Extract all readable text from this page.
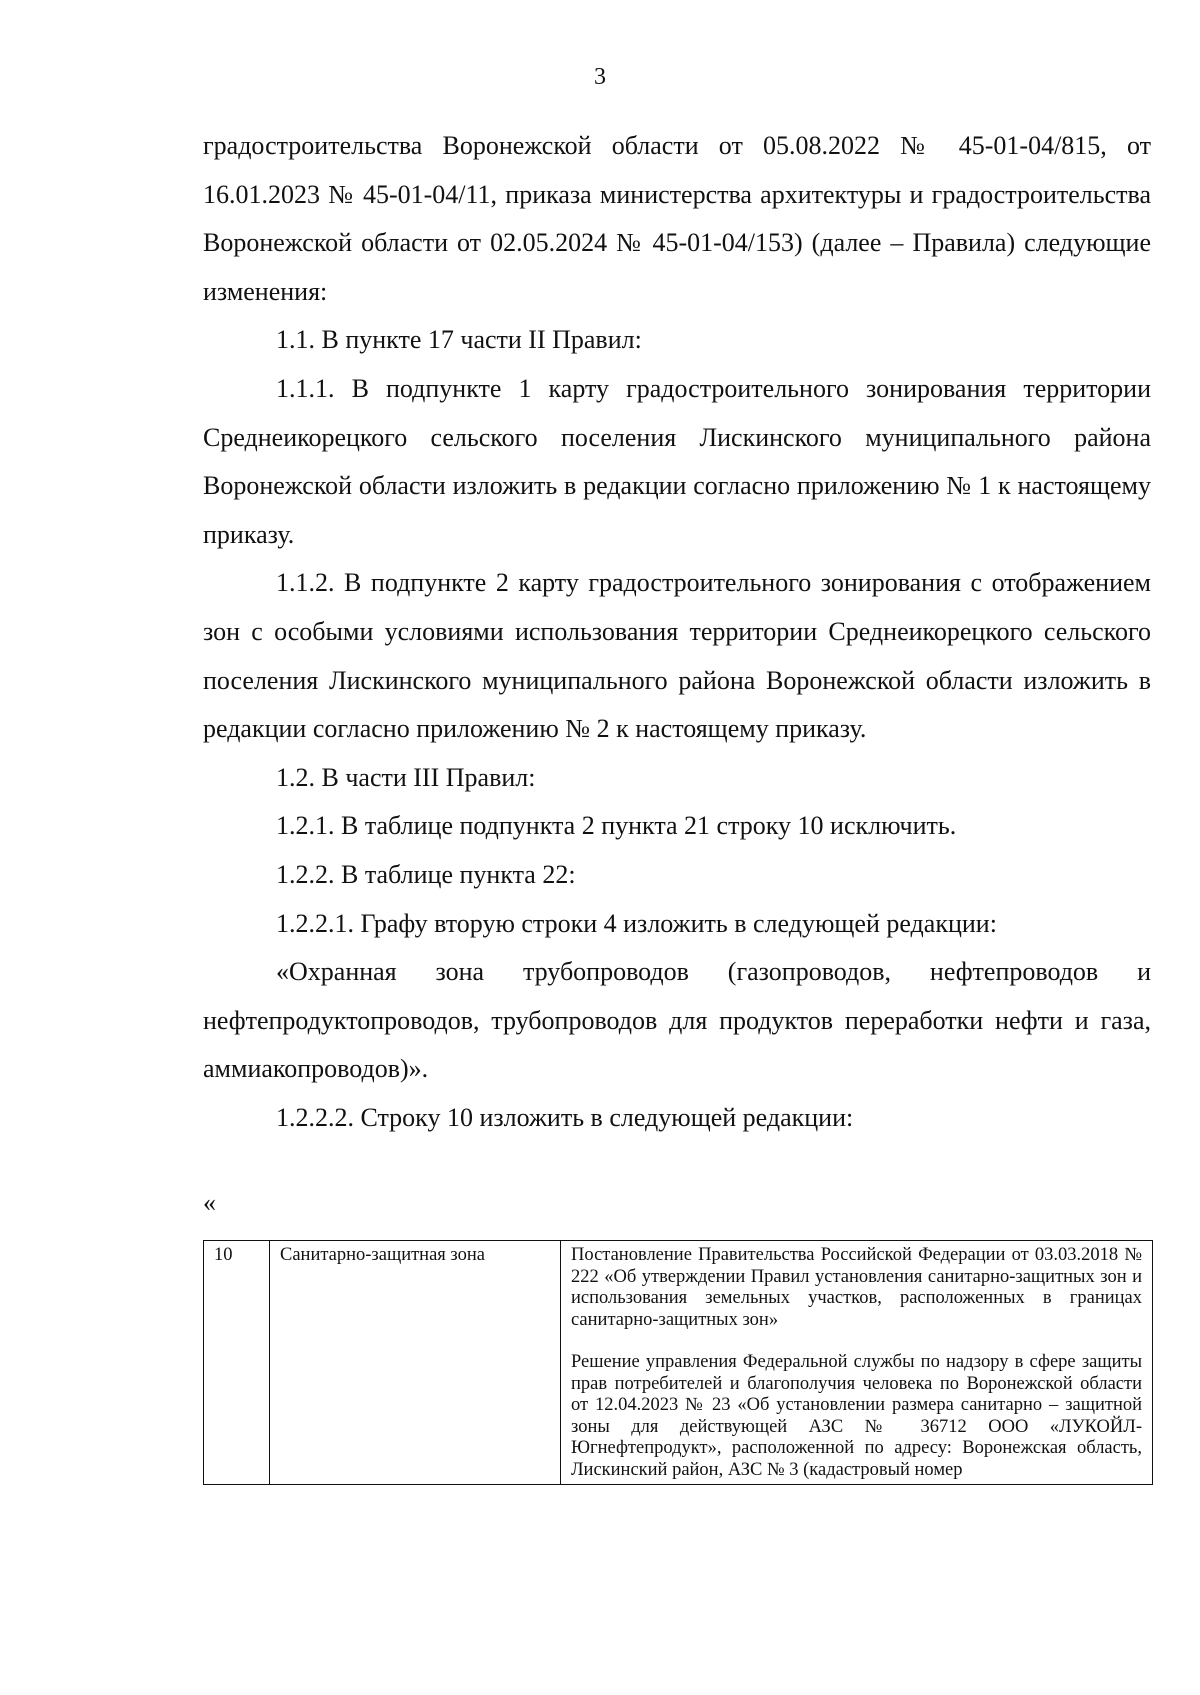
3

градостроительства Воронежской области от 05.08.2022 № 45-01-04/815, от 16.01.2023 № 45-01-04/11, приказа министерства архитектуры и градостроительства Воронежской области от 02.05.2024 № 45-01-04/153) (далее – Правила) следующие изменения:

1.1. В пункте 17 части II Правил:

1.1.1. В подпункте 1 карту градостроительного зонирования территории Среднеикорецкого сельского поселения Лискинского муниципального района Воронежской области изложить в редакции согласно приложению № 1 к настоящему приказу.

1.1.2. В подпункте 2 карту градостроительного зонирования с отображением зон с особыми условиями использования территории Среднеикорецкого сельского поселения Лискинского муниципального района Воронежской области изложить в редакции согласно приложению № 2 к настоящему приказу.

1.2. В части III Правил:

1.2.1. В таблице подпункта 2 пункта 21 строку 10 исключить.

1.2.2. В таблице пункта 22:

1.2.2.1. Графу вторую строки 4 изложить в следующей редакции:

«Охранная зона трубопроводов (газопроводов, нефтепроводов и нефтепродуктопроводов, трубопроводов для продуктов переработки нефти и газа, аммиакопроводов)».

1.2.2.2. Строку 10 изложить в следующей редакции:

«
10	Санитарно-защитная зона	Постановление Правительства Российской Федерации от 03.03.2018 № 222 «Об утверждении Правил установления санитарно-защитных зон и использования земельных участков, расположенных в границах санитарно-защитных зон»

Решение управления Федеральной службы по надзору в сфере защиты прав потребителей и благополучия человека по Воронежской области от 12.04.2023 № 23 «Об установлении размера санитарно – защитной зоны для действующей АЗС № 36712 ООО «ЛУКОЙЛ-Югнефтепродукт», расположенной по адресу: Воронежская область, Лискинский район, АЗС № 3 (кадастровый номер
